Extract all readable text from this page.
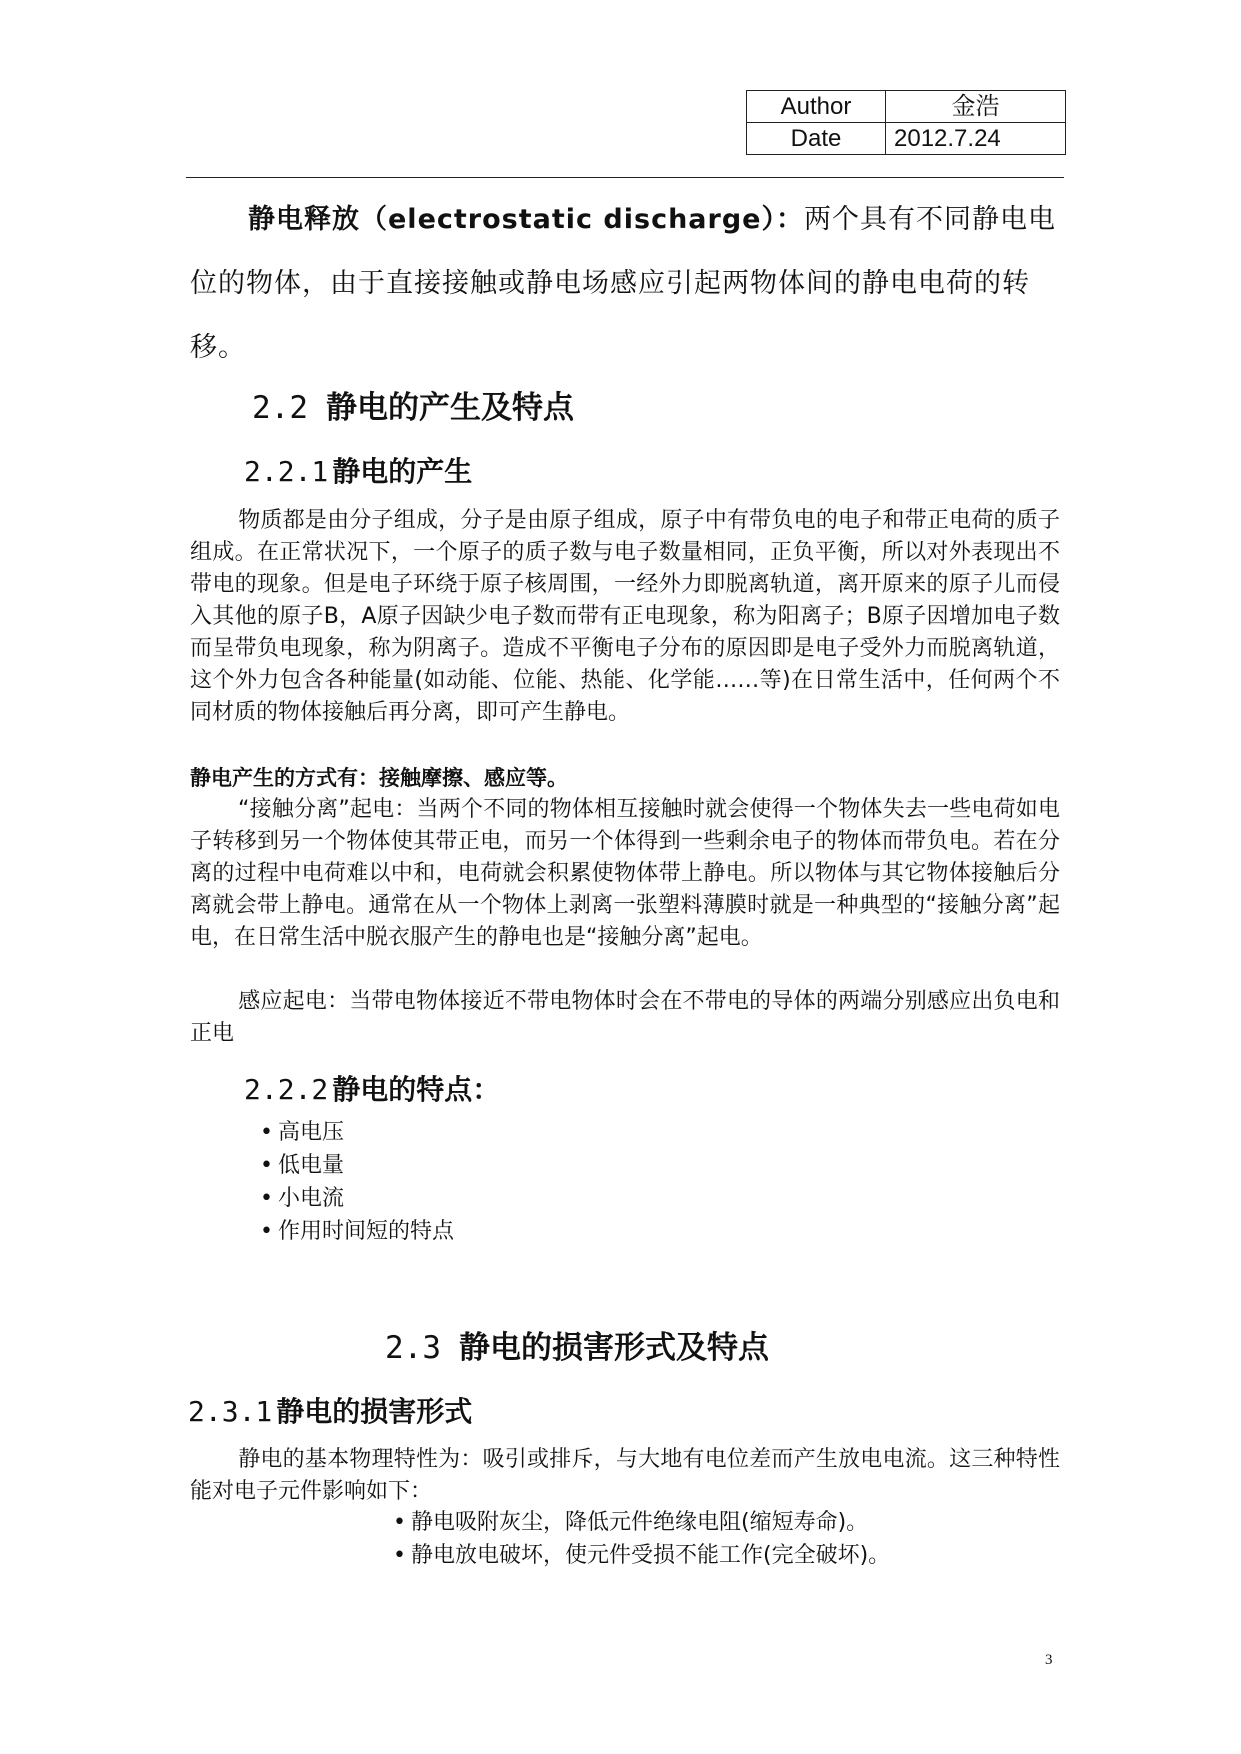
Author	金浩
Date	2012.7.24
静电释放（electrostatic discharge）：两个具有不同静电电位的物体，由于直接接触或静电场感应引起两物体间的静电电荷的转移。
2.2 静电的产生及特点
2.2.1 静电的产生
物质都是由分子组成，分子是由原子组成，原子中有带负电的电子和带正电荷的质子组成。在正常状况下，一个原子的质子数与电子数量相同，正负平衡，所以对外表现出不带电的现象。但是电子环绕于原子核周围，一经外力即脱离轨道，离开原来的原子儿而侵入其他的原子B，A原子因缺少电子数而带有正电现象，称为阳离子；B原子因增加电子数而呈带负电现象，称为阴离子。造成不平衡电子分布的原因即是电子受外力而脱离轨道，这个外力包含各种能量(如动能、位能、热能、化学能……等)在日常生活中，任何两个不同材质的物体接触后再分离，即可产生静电。
静电产生的方式有：接触摩擦、感应等。
“接触分离”起电：当两个不同的物体相互接触时就会使得一个物体失去一些电荷如电子转移到另一个物体使其带正电，而另一个体得到一些剩余电子的物体而带负电。若在分离的过程中电荷难以中和，电荷就会积累使物体带上静电。所以物体与其它物体接触后分离就会带上静电。通常在从一个物体上剥离一张塑料薄膜时就是一种典型的“接触分离”起电，在日常生活中脱衣服产生的静电也是“接触分离”起电。
感应起电：当带电物体接近不带电物体时会在不带电的导体的两端分别感应出负电和正电
2.2.2 静电的特点：
• 高电压
• 低电量
• 小电流
• 作用时间短的特点
2.3 静电的损害形式及特点
2.3.1 静电的损害形式
静电的基本物理特性为：吸引或排斥，与大地有电位差而产生放电电流。这三种特性能对电子元件影响如下：
• 静电吸附灰尘，降低元件绝缘电阻(缩短寿命)。
• 静电放电破坏，使元件受损不能工作(完全破坏)。
3
